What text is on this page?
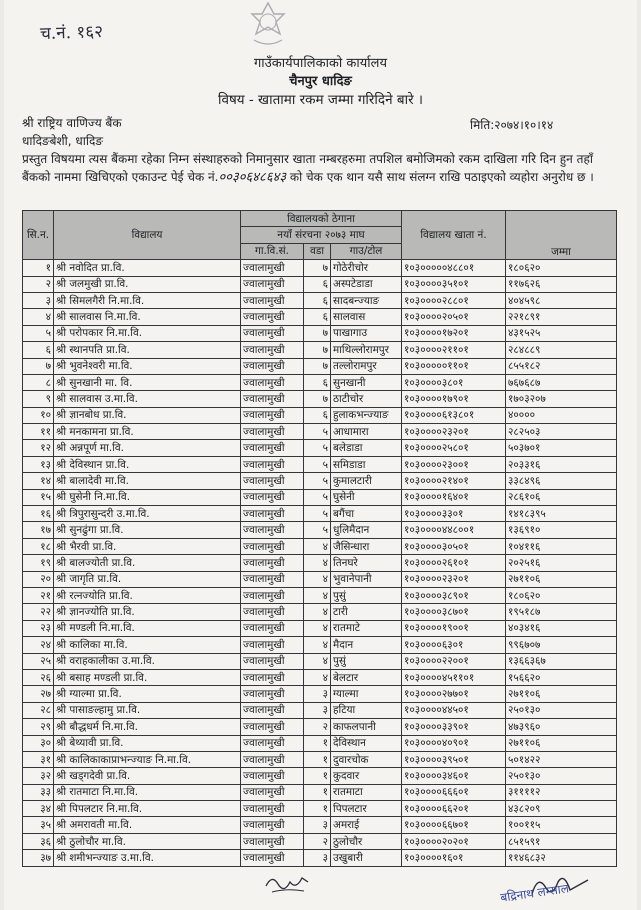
च.नं. १६२
गाउँकार्यपालिकाको कार्यालय
चैनपुर धादिङ
विषय - खातामा रकम जम्मा गरिदिने बारे ।
श्री राष्ट्रिय वाणिज्य बैंक
धादिङबेशी, धादिङ
मिति:२०७४।१०।१४
प्रस्तुत विषयमा त्यस बैंकमा रहेका निम्न संस्थाहरुको निमानुसार खाता नम्बरहरुमा तपशिल बमोजिमको रकम दाखिला गरि दिन हुन तहाँ बैंकको नाममा खिचिएको एकाउन्ट पेई चेक नं.००३०६४८६४३ को चेक एक थान यसै साथ संलग्न राखि पठाइएको व्यहोरा अनुरोध छ ।
सि.न.	विद्यालय	विद्यालयको ठेगाना			विद्यालय खाता नं.	जम्मा
		नयाँ संरचना २०७३ माघ				
		गा.वि.सं.	वडा	गाउ/टोल		
१	श्री नवोदित प्रा.वि.	ज्वालामुखी	७	गोठेरीचोर	१०३०००००४८८०१	१८०६२०
२	श्री जलमुखी प्रा.वि.	ज्वालामुखी	६	अस्पटेडाडा	१०३००००३५१०१	११७६२६
३	श्री सिमलगैरी नि.मा.वि.	ज्वालामुखी	६	सादबन्ज्याङ	१०३००००२८८०१	४०४५९८
४	श्री सालवास नि.मा.वि.	ज्वालामुखी	६	सालवास	१०३००००२०५०१	२२१८९१
५	श्री परोपकार नि.मा.वि.	ज्वालामुखी	७	पाखागाउ	१०३००००१७२०१	४३१५२५
६	श्री स्थानपति प्रा.वि.	ज्वालामुखी	७	माथिल्लोरामपुर	१०३००००२११०१	२८४८८९
७	श्री भुवनेश्वरी मा.वि.	ज्वालामुखी	७	तल्लोरामपुर	१०३०००००११०१	८५५१८२
८	श्री सुनखानी मा. वि.	ज्वालामुखी	६	सुनखानी	१०३००००३८०१	७६७६८७
९	श्री सालवास उ.मा.वि.	ज्वालामुखी	७	ठाटीचोर	१०३००००१७९०१	१७०३२०७
१०	श्री ज्ञानबोध प्रा.वि.	ज्वालामुखी	६	हुलाकभन्ज्याङ	१०३००००६१३८०१	४००००
११	श्री मनकामना प्रा.वि.	ज्वालामुखी	५	आधामारा	१०३००००२३२०१	२८२५०३
१२	श्री अन्नपूर्ण मा.वि.	ज्वालामुखी	५	बलेडाडा	१०३००००२५८०१	५०३७०१
१३	श्री देविस्थान प्रा.वि.	ज्वालामुखी	५	समिडाडा	१०३००००२३००१	२०३३१६
१४	श्री बालादेवी मा.वि.	ज्वालामुखी	५	कुमालटारी	१०३००००२१४०१	३३८४९६
१५	श्री घुसेनी नि.मा.वि.	ज्वालामुखी	५	घुसेनी	१०३००००१६४०१	२८६१०६
१६	श्री त्रिपुरासुन्दरी उ.मा.वि.	ज्वालामुखी	५	बगैंचा	१०३००००३३०१	१४१८३९५
१७	श्री सुनढुंगा प्रा.वि.	ज्वालामुखी	५	धुलिमैदान	१०३००००४४८००१	१३६९१०
१८	श्री भैरवी प्रा.वि.	ज्वालामुखी	४	जैसिन्धारा	१०३००००३०५०१	१०४११६
१९	श्री बालज्योती प्रा.वि.	ज्वालामुखी	४	तिनघरे	१०३००००२६१०१	२०२५१६
२०	श्री जागृति प्रा.वि.	ज्वालामुखी	४	भुवानेपानी	१०३००००२३२०१	२७११०६
२१	श्री रत्नज्योति प्रा.वि.	ज्वालामुखी	४	पुसुं	१०३००००३८९०१	१८०६२०
२२	श्री ज्ञानज्योति प्रा.वि.	ज्वालामुखी	४	टारी	१०३००००३८७०१	१९५१८७
२३	श्री मण्डली नि.मा.वि.	ज्वालामुखी	४	रातमाटे	१०३००००१९००१	४०३४१६
२४	श्री कालिका मा.वि.	ज्वालामुखी	४	मैदान	१०३००००६३०१	९९६७०७
२५	श्री वराहकालीका उ.मा.वि.	ज्वालामुखी	४	पुसुं	१०३००००२२००१	१३६६३६७
२६	श्री बसाह मण्डली प्रा.वि.	ज्वालामुखी	४	बेलटार	१०३००००४५११०१	१५६६२०
२७	श्री ग्याल्मा प्रा.वि.	ज्वालामुखी	३	ग्याल्मा	१०३००००२७७०१	२७११०६
२८	श्री पासाङल्हामु प्रा.वि.	ज्वालामुखी	३	हटिया	१०३००००४४५०१	२५०१३०
२९	श्री बौद्धधर्म नि.मा.वि.	ज्वालामुखी	२	काफलपानी	१०३००००३३९०१	४७३९६०
३०	श्री बेथ्यावी प्रा.वि.	ज्वालामुखी	१	देविस्थान	१०३००००४०९०१	२७११०६
३१	श्री कालिकाकाप्राभन्ज्याङ नि.मा.वि.	ज्वालामुखी	१	दुवारचोक	१०३००००३९५०१	५०१४२२
३२	श्री खड्गदेवी प्रा.वि.	ज्वालामुखी	१	कुदवार	१०३००००३४६०१	२५०१३०
३३	श्री रातमाटा नि.मा.वि.	ज्वालामुखी	१	रातमाटा	१०३००००६६६०१	३११११२
३४	श्री पिपलटार नि.मा.वि.	ज्वालामुखी	१	पिपलटार	१०३००००६६२०१	४३८२०९
३५	श्री अमरावती मा.वि.	ज्वालामुखी	३	अमराई	१०३००००६६७०१	१००११५
३६	श्री ठुलोचौर मा.वि.	ज्वालामुखी	२	ठुलोचौर	१०३००००२०२०१	८५१५९१
३७	श्री शमीभन्ज्याङ उ.मा.वि.	ज्वालामुखी	३	उखुबारी	१०३००००१६०१	११४६८३२
बद्रिनाथ लम्साल
